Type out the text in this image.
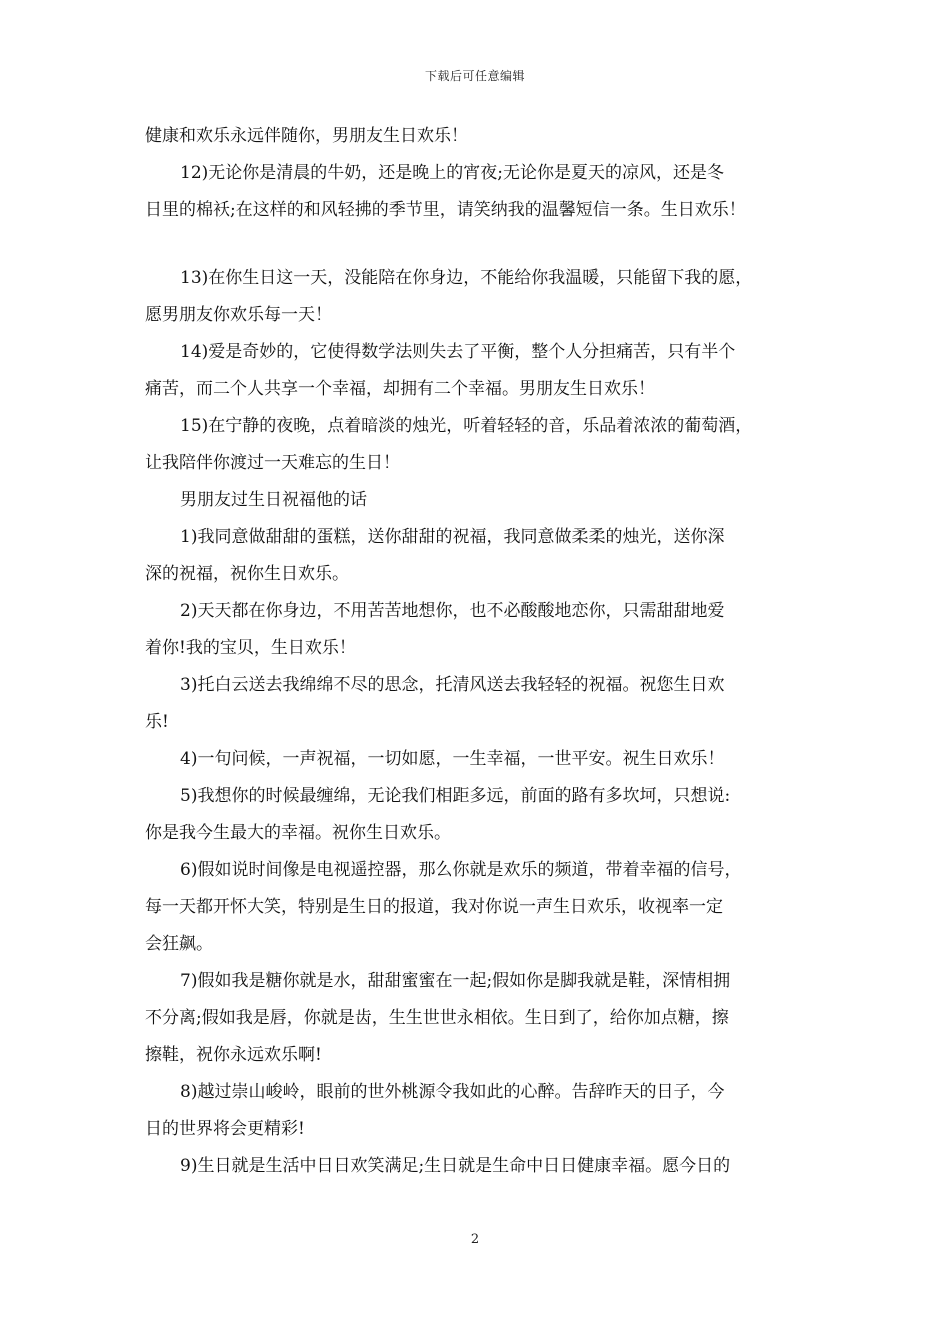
下载后可任意编辑
健康和欢乐永远伴随你，男朋友生日欢乐！
12)无论你是清晨的牛奶，还是晚上的宵夜;无论你是夏天的凉风，还是冬
日里的棉袄;在这样的和风轻拂的季节里，请笑纳我的温馨短信一条。生日欢乐！
13)在你生日这一天，没能陪在你身边，不能给你我温暖，只能留下我的愿，
愿男朋友你欢乐每一天！
14)爱是奇妙的，它使得数学法则失去了平衡，整个人分担痛苦，只有半个
痛苦，而二个人共享一个幸福，却拥有二个幸福。男朋友生日欢乐！
15)在宁静的夜晚，点着暗淡的烛光，听着轻轻的音，乐品着浓浓的葡萄酒，
让我陪伴你渡过一天难忘的生日！
男朋友过生日祝福他的话
1)我同意做甜甜的蛋糕，送你甜甜的祝福，我同意做柔柔的烛光，送你深
深的祝福，祝你生日欢乐。
2)天天都在你身边，不用苦苦地想你，也不必酸酸地恋你，只需甜甜地爱
着你!我的宝贝，生日欢乐！
3)托白云送去我绵绵不尽的思念，托清风送去我轻轻的祝福。祝您生日欢
乐!
4)一句问候，一声祝福，一切如愿，一生幸福，一世平安。祝生日欢乐！
5)我想你的时候最缠绵，无论我们相距多远，前面的路有多坎坷，只想说:
你是我今生最大的幸福。祝你生日欢乐。
6)假如说时间像是电视遥控器，那么你就是欢乐的频道，带着幸福的信号，
每一天都开怀大笑，特别是生日的报道，我对你说一声生日欢乐，收视率一定
会狂飙。
7)假如我是糖你就是水，甜甜蜜蜜在一起;假如你是脚我就是鞋，深情相拥
不分离;假如我是唇，你就是齿，生生世世永相依。生日到了，给你加点糖，擦
擦鞋，祝你永远欢乐啊!
8)越过崇山峻岭，眼前的世外桃源令我如此的心醉。告辞昨天的日子，今
日的世界将会更精彩!
9)生日就是生活中日日欢笑满足;生日就是生命中日日健康幸福。愿今日的
2
